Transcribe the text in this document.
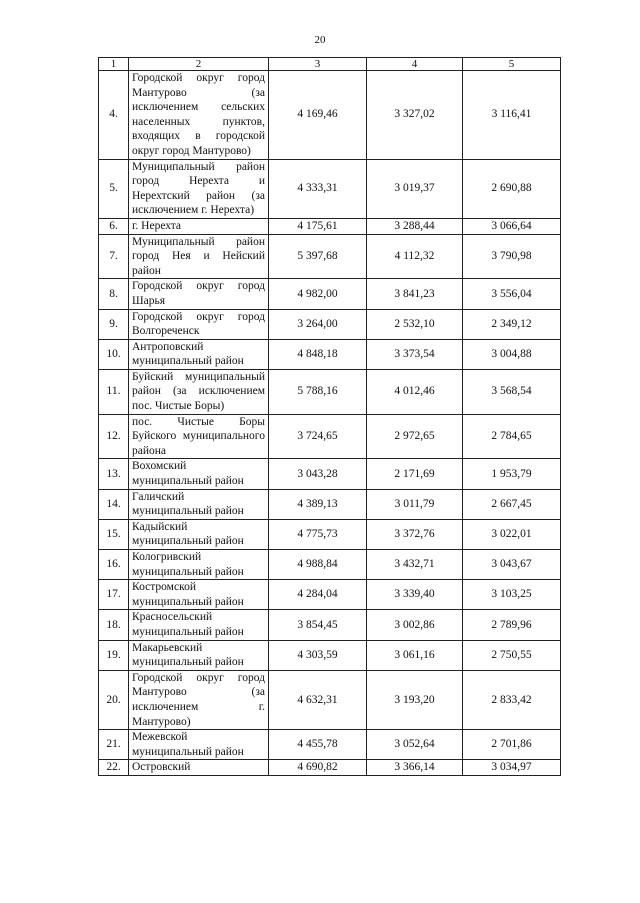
20
1	2	3	4	5
4.	Городской округ город Мантурово (за исключением сельских населенных пунктов, входящих в городской округ город Мантурово)	4 169,46	3 327,02	3 116,41
5.	Муниципальный район город Нерехта и Нерехтский район (за исключением г. Нерехта)	4 333,31	3 019,37	2 690,88
6.	г. Нерехта	4 175,61	3 288,44	3 066,64
7.	Муниципальный район город Нея и Нейский район	5 397,68	4 112,32	3 790,98
8.	Городской округ город Шарья	4 982,00	3 841,23	3 556,04
9.	Городской округ город Волгореченск	3 264,00	2 532,10	2 349,12
10.	Антроповский муниципальный район	4 848,18	3 373,54	3 004,88
11.	Буйский муниципальный район (за исключением пос. Чистые Боры)	5 788,16	4 012,46	3 568,54
12.	пос. Чистые Боры Буйского муниципального района	3 724,65	2 972,65	2 784,65
13.	Вохомский муниципальный район	3 043,28	2 171,69	1 953,79
14.	Галичский муниципальный район	4 389,13	3 011,79	2 667,45
15.	Кадыйский муниципальный район	4 775,73	3 372,76	3 022,01
16.	Кологривский муниципальный район	4 988,84	3 432,71	3 043,67
17.	Костромской муниципальный район	4 284,04	3 339,40	3 103,25
18.	Красносельский муниципальный район	3 854,45	3 002,86	2 789,96
19.	Макарьевский муниципальный район	4 303,59	3 061,16	2 750,55
20.	Городской округ город Мантурово (за исключением г. Мантурово)	4 632,31	3 193,20	2 833,42
21.	Межевской муниципальный район	4 455,78	3 052,64	2 701,86
22.	Островский	4 690,82	3 366,14	3 034,97
